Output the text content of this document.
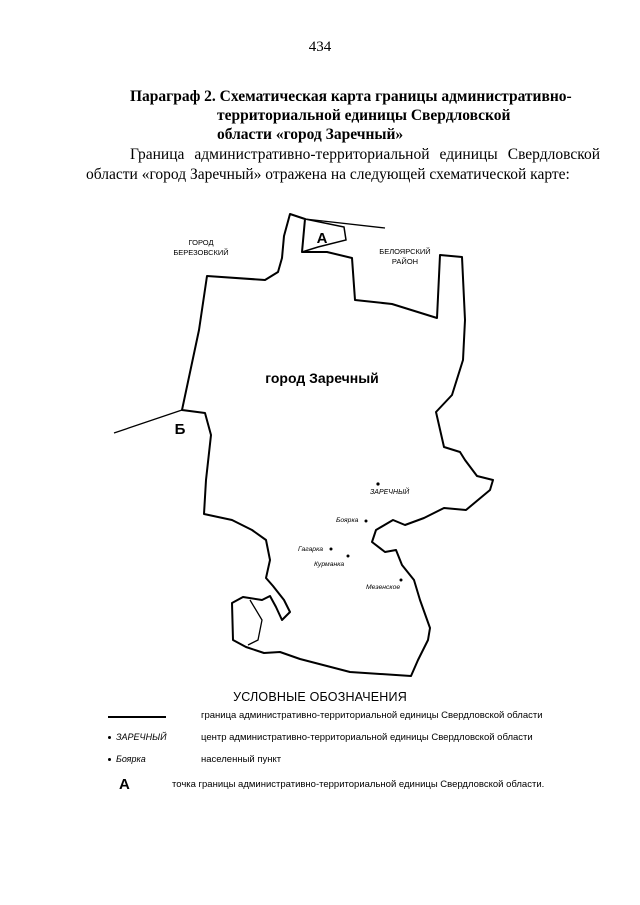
434
Параграф 2. Схематическая карта границы административно-
территориальной единицы Свердловской
области «город Заречный»
Граница административно-территориальной единицы Свердловской
области «город Заречный» отражена на следующей схематической карте:
ГОРОД
БЕРЕЗОВСКИЙ	БЕЛОЯРСКИЙ
РАЙОН
А
Б
город Заречный
ЗАРЕЧНЫЙ
Боярка
Гагарка
Курманка
Мезенское
УСЛОВНЫЕ ОБОЗНАЧЕНИЯ
граница административно-территориальной единицы Свердловской области
ЗАРЕЧНЫЙ	центр административно-территориальной единицы Свердловской области
Боярка	населенный пункт
А	точка границы административно-территориальной единицы Свердловской области.
